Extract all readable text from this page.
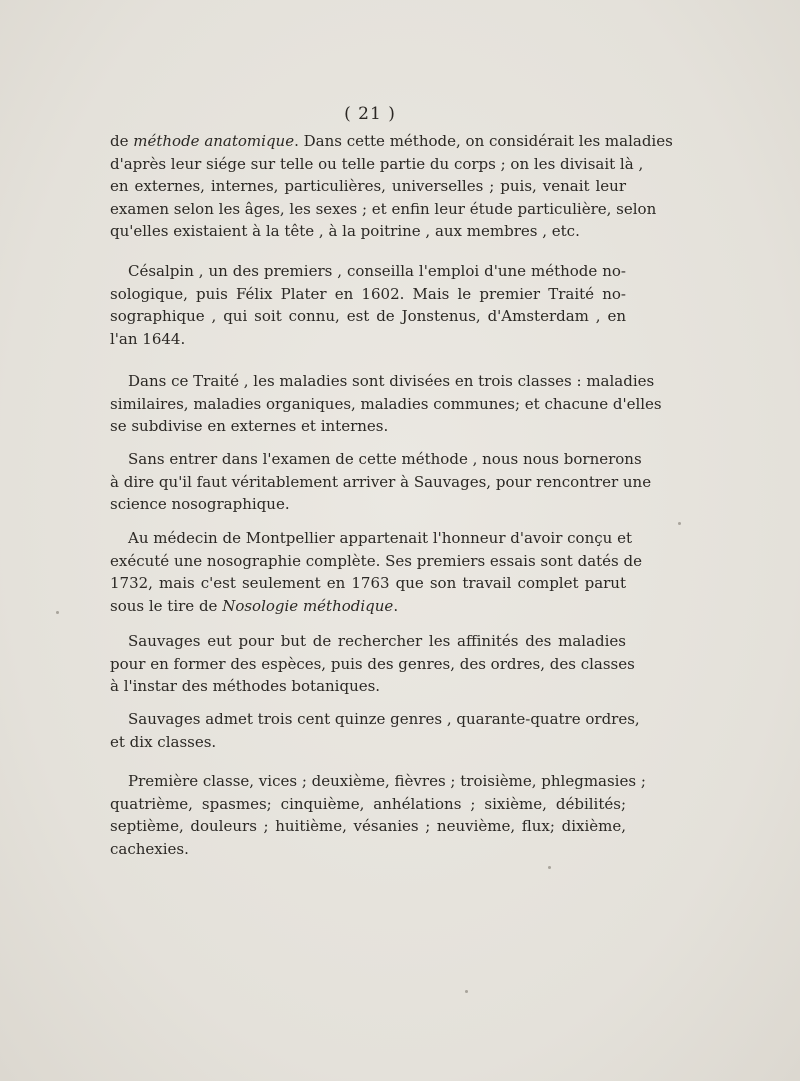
( 21 )
de méthode anatomique. Dans cette méthode, on considérait les maladies
d'après leur siége sur telle ou telle partie du corps ; on les divisait là ,
en externes, internes, particulières, universelles ; puis, venait leur
examen selon les âges, les sexes ; et enfin leur étude particulière, selon
qu'elles existaient à la tête , à la poitrine , aux membres , etc.
Césalpin , un des premiers , conseilla l'emploi d'une méthode no-
sologique, puis Félix Plater en 1602. Mais le premier Traité no-
sographique , qui soit connu, est de Jonstenus, d'Amsterdam , en
l'an 1644.
Dans ce Traité , les maladies sont divisées en trois classes : maladies
similaires, maladies organiques, maladies communes; et chacune d'elles
se subdivise en externes et internes.
Sans entrer dans l'examen de cette méthode , nous nous bornerons
à dire qu'il faut véritablement arriver à Sauvages, pour rencontrer une
science nosographique.
Au médecin de Montpellier appartenait l'honneur d'avoir conçu et
exécuté une nosographie complète. Ses premiers essais sont datés de
1732, mais c'est seulement en 1763 que son travail complet parut
sous le tire de Nosologie méthodique.
Sauvages eut pour but de rechercher les affinités des maladies
pour en former des espèces, puis des genres, des ordres, des classes
à l'instar des méthodes botaniques.
Sauvages admet trois cent quinze genres , quarante-quatre ordres,
et dix classes.
Première classe, vices ; deuxième, fièvres ; troisième, phlegmasies ;
quatrième, spasmes; cinquième, anhélations ; sixième, débilités;
septième, douleurs ; huitième, vésanies ; neuvième, flux; dixième,
cachexies.
